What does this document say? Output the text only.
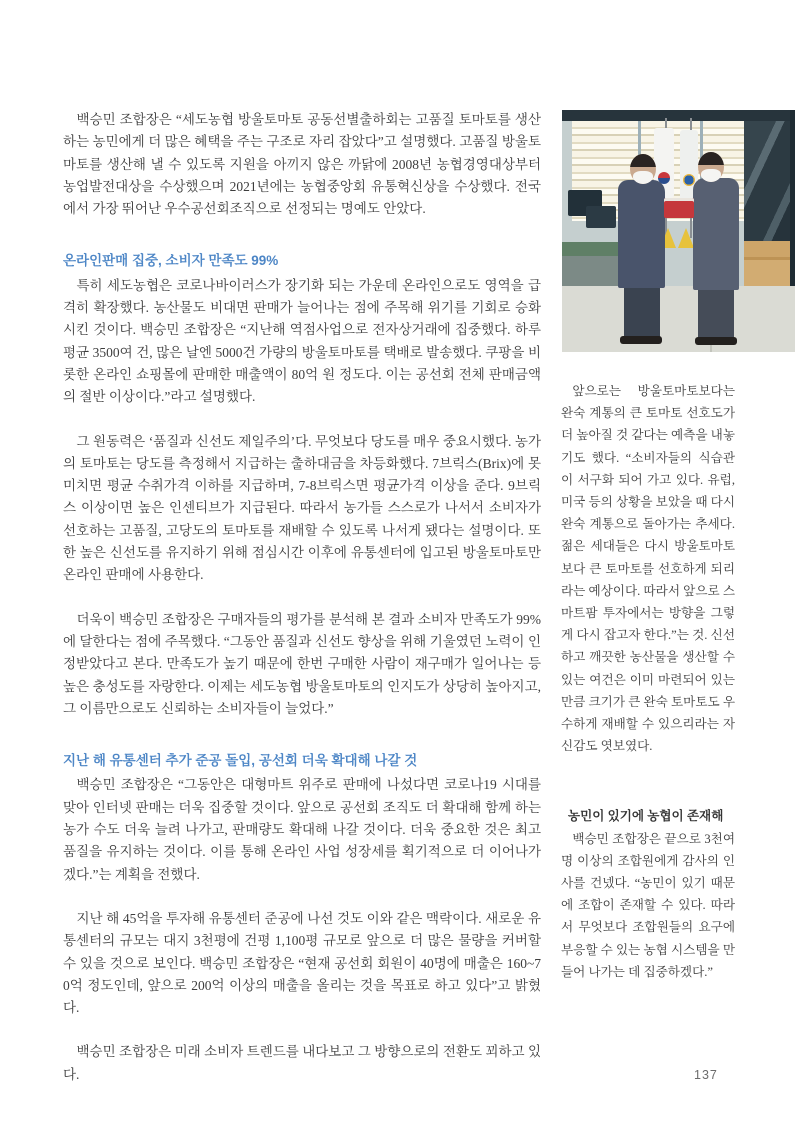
백승민 조합장은 “세도농협 방울토마토 공동선별출하회는 고품질 토마토를 생산하는 농민에게 더 많은 혜택을 주는 구조로 자리 잡았다”고 설명했다. 고품질 방울토마토를 생산해 낼 수 있도록 지원을 아끼지 않은 까닭에 2008년 농협경영대상부터 농업발전대상을 수상했으며 2021년에는 농협중앙회 유통혁신상을 수상했다. 전국에서 가장 뛰어난 우수공선회조직으로 선정되는 명예도 안았다.

온라인판매 집중, 소비자 만족도 99%

특히 세도농협은 코로나바이러스가 장기화 되는 가운데 온라인으로도 영역을 급격히 확장했다. 농산물도 비대면 판매가 늘어나는 점에 주목해 위기를 기회로 승화시킨 것이다. 백승민 조합장은 “지난해 역점사업으로 전자상거래에 집중했다. 하루 평균 3500여 건, 많은 날엔 5000건 가량의 방울토마토를 택배로 발송했다. 쿠팡을 비롯한 온라인 쇼핑몰에 판매한 매출액이 80억 원 정도다. 이는 공선회 전체 판매금액의 절반 이상이다.”라고 설명했다.

그 원동력은 ‘품질과 신선도 제일주의’다. 무엇보다 당도를 매우 중요시했다. 농가의 토마토는 당도를 측정해서 지급하는 출하대금을 차등화했다. 7브릭스(Brix)에 못 미치면 평균 수취가격 이하를 지급하며, 7-8브릭스면 평균가격 이상을 준다. 9브릭스 이상이면 높은 인센티브가 지급된다. 따라서 농가들 스스로가 나서서 소비자가 선호하는 고품질, 고당도의 토마토를 재배할 수 있도록 나서게 됐다는 설명이다. 또한 높은 신선도를 유지하기 위해 점심시간 이후에 유통센터에 입고된 방울토마토만 온라인 판매에 사용한다.

더욱이 백승민 조합장은 구매자들의 평가를 분석해 본 결과 소비자 만족도가 99%에 달한다는 점에 주목했다. “그동안 품질과 신선도 향상을 위해 기울였던 노력이 인정받았다고 본다. 만족도가 높기 때문에 한번 구매한 사람이 재구매가 일어나는 등 높은 충성도를 자랑한다. 이제는 세도농협 방울토마토의 인지도가 상당히 높아지고, 그 이름만으로도 신뢰하는 소비자들이 늘었다.”

지난 해 유통센터 추가 준공 돌입, 공선회 더욱 확대해 나갈 것

백승민 조합장은 “그동안은 대형마트 위주로 판매에 나섰다면 코로나19 시대를 맞아 인터넷 판매는 더욱 집중할 것이다. 앞으로 공선회 조직도 더 확대해 함께 하는 농가 수도 더욱 늘려 나가고, 판매량도 확대해 나갈 것이다. 더욱 중요한 것은 최고 품질을 유지하는 것이다. 이를 통해 온라인 사업 성장세를 획기적으로 더 이어나가겠다.”는 계획을 전했다.

지난 해 45억을 투자해 유통센터 준공에 나선 것도 이와 같은 맥락이다. 새로운 유통센터의 규모는 대지 3천평에 건평 1,100평 규모로 앞으로 더 많은 물량을 커버할 수 있을 것으로 보인다. 백승민 조합장은 “현재 공선회 회원이 40명에 매출은 160~70억 정도인데, 앞으로 200억 이상의 매출을 올리는 것을 목표로 하고 있다”고 밝혔다.

백승민 조합장은 미래 소비자 트렌드를 내다보고 그 방향으로의 전환도 꾀하고 있다.

앞으로는 방울토마토보다는 완숙 계통의 큰 토마토 선호도가 더 높아질 것 같다는 예측을 내놓기도 했다. “소비자들의 식습관이 서구화 되어 가고 있다. 유럽, 미국 등의 상황을 보았을 때 다시 완숙 계통으로 돌아가는 추세다. 젊은 세대들은 다시 방울토마토 보다 큰 토마토를 선호하게 되리라는 예상이다. 따라서 앞으로 스마트팜 투자에서는 방향을 그렇게 다시 잡고자 한다.”는 것. 신선하고 깨끗한 농산물을 생산할 수 있는 여건은 이미 마련되어 있는 만큼 크기가 큰 완숙 토마토도 우수하게 재배할 수 있으리라는 자신감도 엿보였다.

농민이 있기에 농협이 존재해

백승민 조합장은 끝으로 3천여 명 이상의 조합원에게 감사의 인사를 건넸다. “농민이 있기 때문에 조합이 존재할 수 있다. 따라서 무엇보다 조합원들의 요구에 부응할 수 있는 농협 시스템을 만들어 나가는 데 집중하겠다.”

137
